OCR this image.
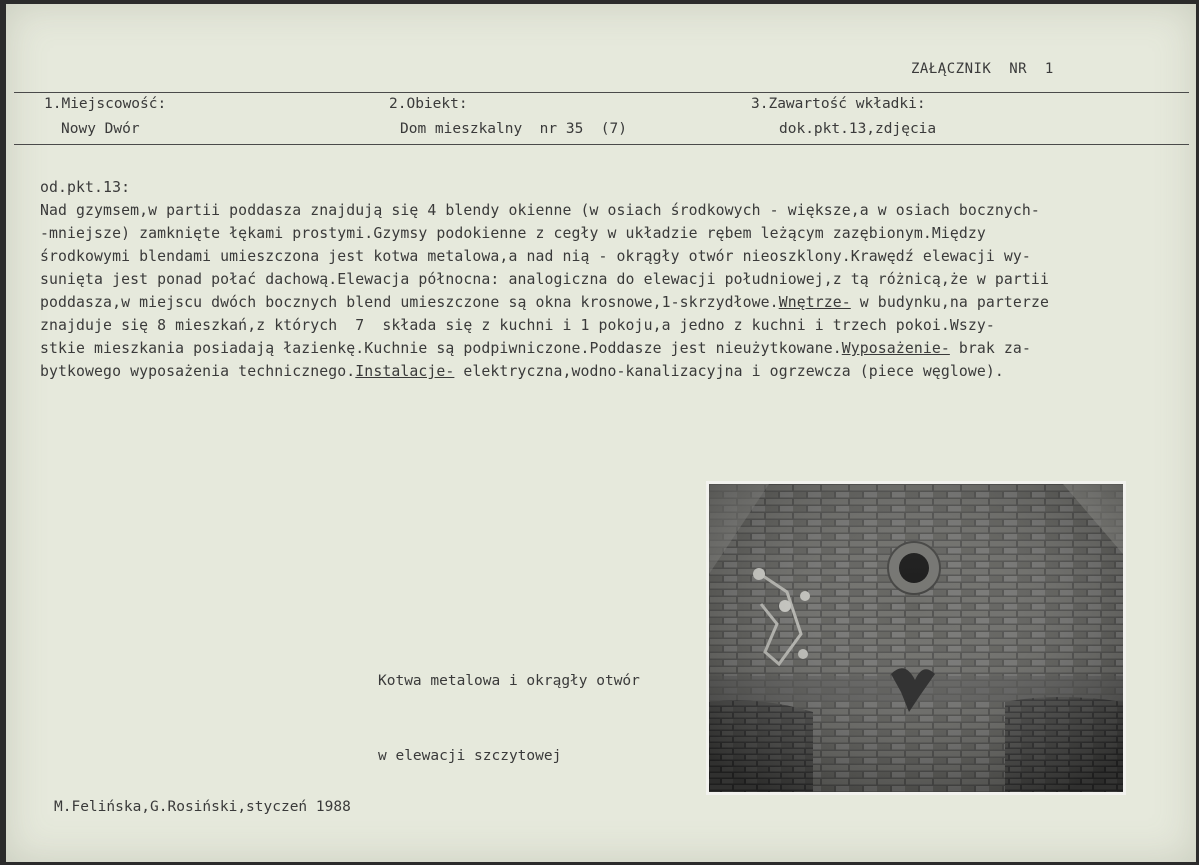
ZAŁĄCZNIK  NR  1
1.Miejscowość:
Nowy Dwór
2.Obiekt:
Dom mieszkalny  nr 35  (7)
3.Zawartość wkładki:
dok.pkt.13,zdjęcia
od.pkt.13:
Nad gzymsem,w partii poddasza znajdują się 4 blendy okienne (w osiach środkowych - większe,a w osiach bocznych-
-mniejsze) zamknięte łękami prostymi.Gzymsy podokienne z cegły w układzie rębem leżącym zazębionym.Między
środkowymi blendami umieszczona jest kotwa metalowa,a nad nią - okrągły otwór nieoszklony.Krawędź elewacji wy-
sunięta jest ponad połać dachową.Elewacja północna: analogiczna do elewacji południowej,z tą różnicą,że w partii
poddasza,w miejscu dwóch bocznych blend umieszczone są okna krosnowe,1-skrzydłowe.Wnętrze- w budynku,na parterze
znajduje się 8 mieszkań,z których  7  składa się z kuchni i 1 pokoju,a jedno z kuchni i trzech pokoi.Wszy-
stkie mieszkania posiadają łazienkę.Kuchnie są podpiwniczone.Poddasze jest nieużytkowane.Wyposażenie- brak za-
bytkowego wyposażenia technicznego.Instalacje- elektryczna,wodno-kanalizacyjna i ogrzewcza (piece węglowe).

Kotwa metalowa i okrągły otwór

w elewacji szczytowej

M.Felińska,G.Rosiński,styczeń 1988
